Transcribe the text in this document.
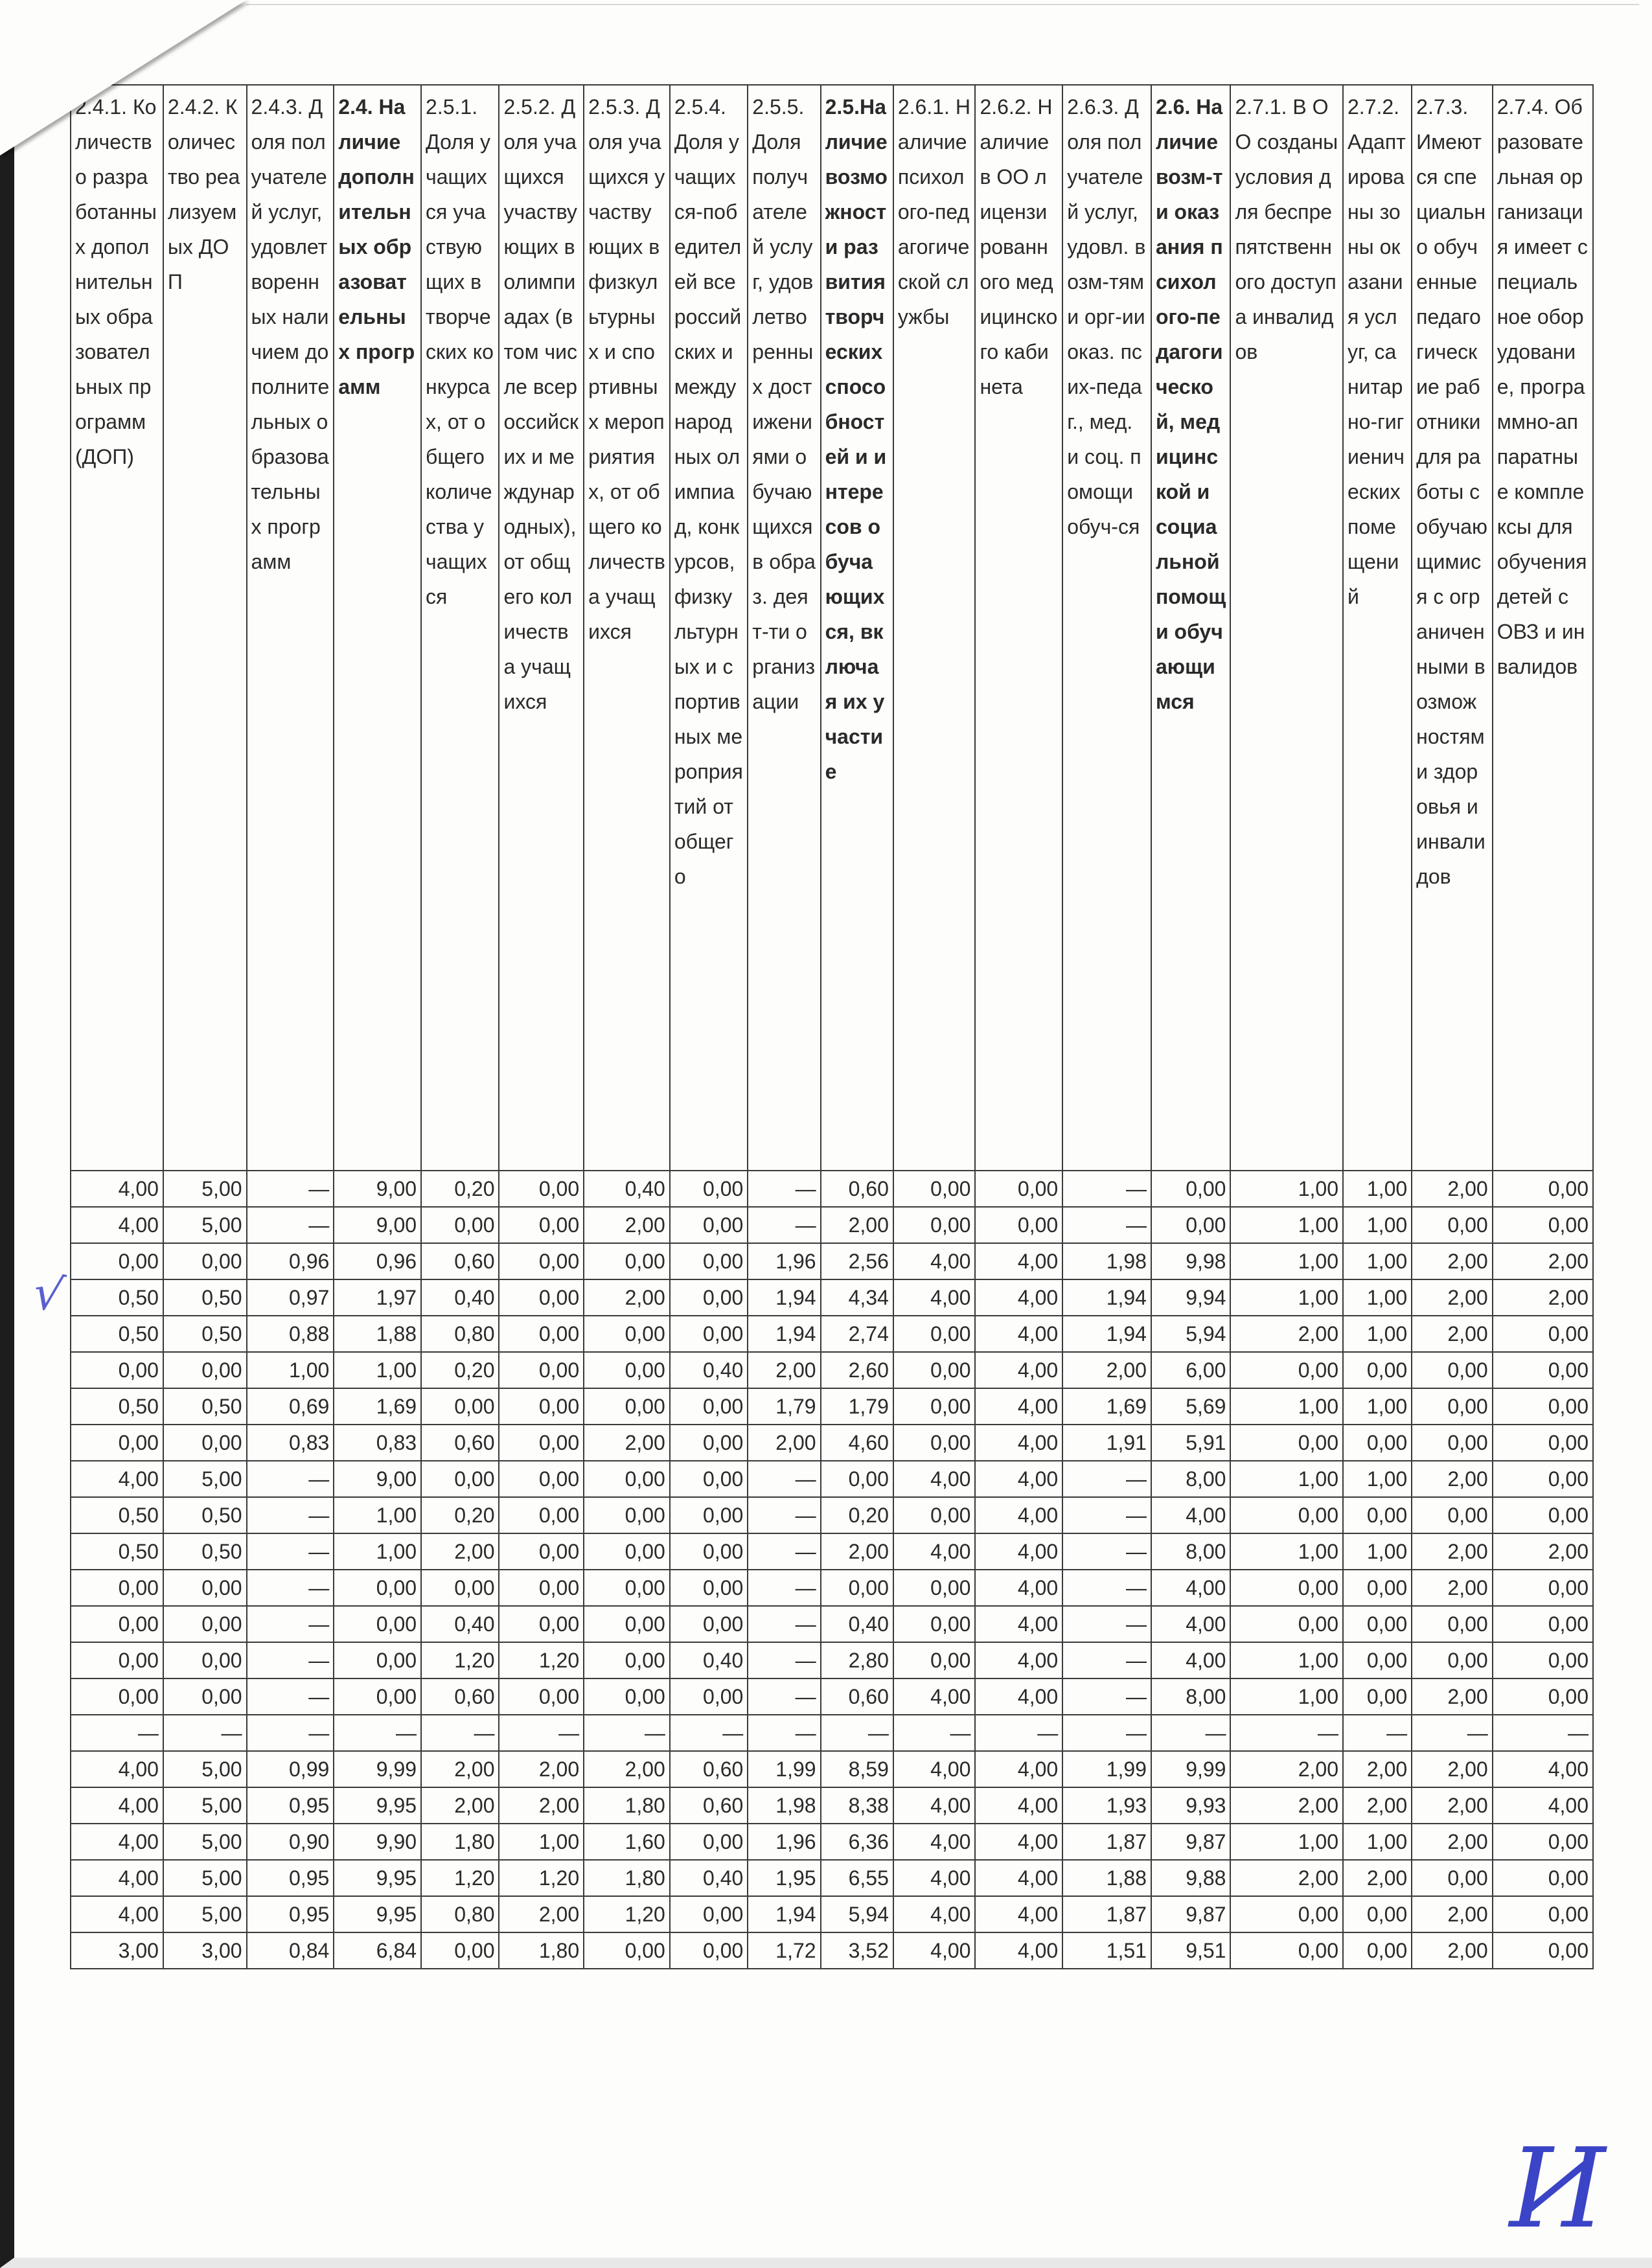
2.4.1. Количество разработанных дополнительных образовательных программ (ДОП)	2.4.2. Количество реализуемых ДОП	2.4.3. Доля получателей услуг, удовлетворенных наличием дополнительных образовательных программ	2.4. Наличие дополнительных образовательных программ	2.5.1. Доля учащихся участвующих в творческих конкурсах, от общего количества учащихся	2.5.2. Доля учащихся участвующих в олимпиадах (в том числе всероссийских и международных), от общего количества учащихся	2.5.3. Доля учащихся участвующих в физкультурных и спортивных мероприятиях, от общего количества учащихся	2.5.4. Доля учащихся-победителей всероссийских и международных олимпиад, конкурсов, физкультурных и спортивных мероприятий от общего	2.5.5. Доля получателей услуг, удовлетворенных достижениями обучающихся в образ. деят-ти организации	2.5.Наличие возможности развития творческих способностей и интересов обучающихся, включая их участие	2.6.1. Наличие психолого-педагогической службы	2.6.2. Наличие в ОО лицензированного медицинского кабинета	2.6.3. Доля получателей услуг, удовл. возм-тями орг-ии оказ. псих-педаг., мед. и соц. помощи обуч-ся	2.6. Наличие возм-ти оказания психолого-педагогической, медицинской и социальной помощи обучающимся	2.7.1. В ОО созданы условия для беспрепятственного доступа инвалидов	2.7.2. Адаптированы зоны оказания услуг, санитарно-гигиенических помещений	2.7.3. Имеются специально обученные педагогические работники для работы с обучающимися с ограниченными возможностями здоровья и инвалидов	2.7.4. Образовательная организация имеет специальное оборудование, программно-аппаратные комплексы для обучения детей с ОВЗ и инвалидов
4,00	5,00	—	9,00	0,20	0,00	0,40	0,00	—	0,60	0,00	0,00	—	0,00	1,00	1,00	2,00	0,00
4,00	5,00	—	9,00	0,00	0,00	2,00	0,00	—	2,00	0,00	0,00	—	0,00	1,00	1,00	0,00	0,00
0,00	0,00	0,96	0,96	0,60	0,00	0,00	0,00	1,96	2,56	4,00	4,00	1,98	9,98	1,00	1,00	2,00	2,00
0,50	0,50	0,97	1,97	0,40	0,00	2,00	0,00	1,94	4,34	4,00	4,00	1,94	9,94	1,00	1,00	2,00	2,00
0,50	0,50	0,88	1,88	0,80	0,00	0,00	0,00	1,94	2,74	0,00	4,00	1,94	5,94	2,00	1,00	2,00	0,00
0,00	0,00	1,00	1,00	0,20	0,00	0,00	0,40	2,00	2,60	0,00	4,00	2,00	6,00	0,00	0,00	0,00	0,00
0,50	0,50	0,69	1,69	0,00	0,00	0,00	0,00	1,79	1,79	0,00	4,00	1,69	5,69	1,00	1,00	0,00	0,00
0,00	0,00	0,83	0,83	0,60	0,00	2,00	0,00	2,00	4,60	0,00	4,00	1,91	5,91	0,00	0,00	0,00	0,00
4,00	5,00	—	9,00	0,00	0,00	0,00	0,00	—	0,00	4,00	4,00	—	8,00	1,00	1,00	2,00	0,00
0,50	0,50	—	1,00	0,20	0,00	0,00	0,00	—	0,20	0,00	4,00	—	4,00	0,00	0,00	0,00	0,00
0,50	0,50	—	1,00	2,00	0,00	0,00	0,00	—	2,00	4,00	4,00	—	8,00	1,00	1,00	2,00	2,00
0,00	0,00	—	0,00	0,00	0,00	0,00	0,00	—	0,00	0,00	4,00	—	4,00	0,00	0,00	2,00	0,00
0,00	0,00	—	0,00	0,40	0,00	0,00	0,00	—	0,40	0,00	4,00	—	4,00	0,00	0,00	0,00	0,00
0,00	0,00	—	0,00	1,20	1,20	0,00	0,40	—	2,80	0,00	4,00	—	4,00	1,00	0,00	0,00	0,00
0,00	0,00	—	0,00	0,60	0,00	0,00	0,00	—	0,60	4,00	4,00	—	8,00	1,00	0,00	2,00	0,00
—	—	—	—	—	—	—	—	—	—	—	—	—	—	—	—	—	—
4,00	5,00	0,99	9,99	2,00	2,00	2,00	0,60	1,99	8,59	4,00	4,00	1,99	9,99	2,00	2,00	2,00	4,00
4,00	5,00	0,95	9,95	2,00	2,00	1,80	0,60	1,98	8,38	4,00	4,00	1,93	9,93	2,00	2,00	2,00	4,00
4,00	5,00	0,90	9,90	1,80	1,00	1,60	0,00	1,96	6,36	4,00	4,00	1,87	9,87	1,00	1,00	2,00	0,00
4,00	5,00	0,95	9,95	1,20	1,20	1,80	0,40	1,95	6,55	4,00	4,00	1,88	9,88	2,00	2,00	0,00	0,00
4,00	5,00	0,95	9,95	0,80	2,00	1,20	0,00	1,94	5,94	4,00	4,00	1,87	9,87	0,00	0,00	2,00	0,00
3,00	3,00	0,84	6,84	0,00	1,80	0,00	0,00	1,72	3,52	4,00	4,00	1,51	9,51	0,00	0,00	2,00	0,00
√
И
